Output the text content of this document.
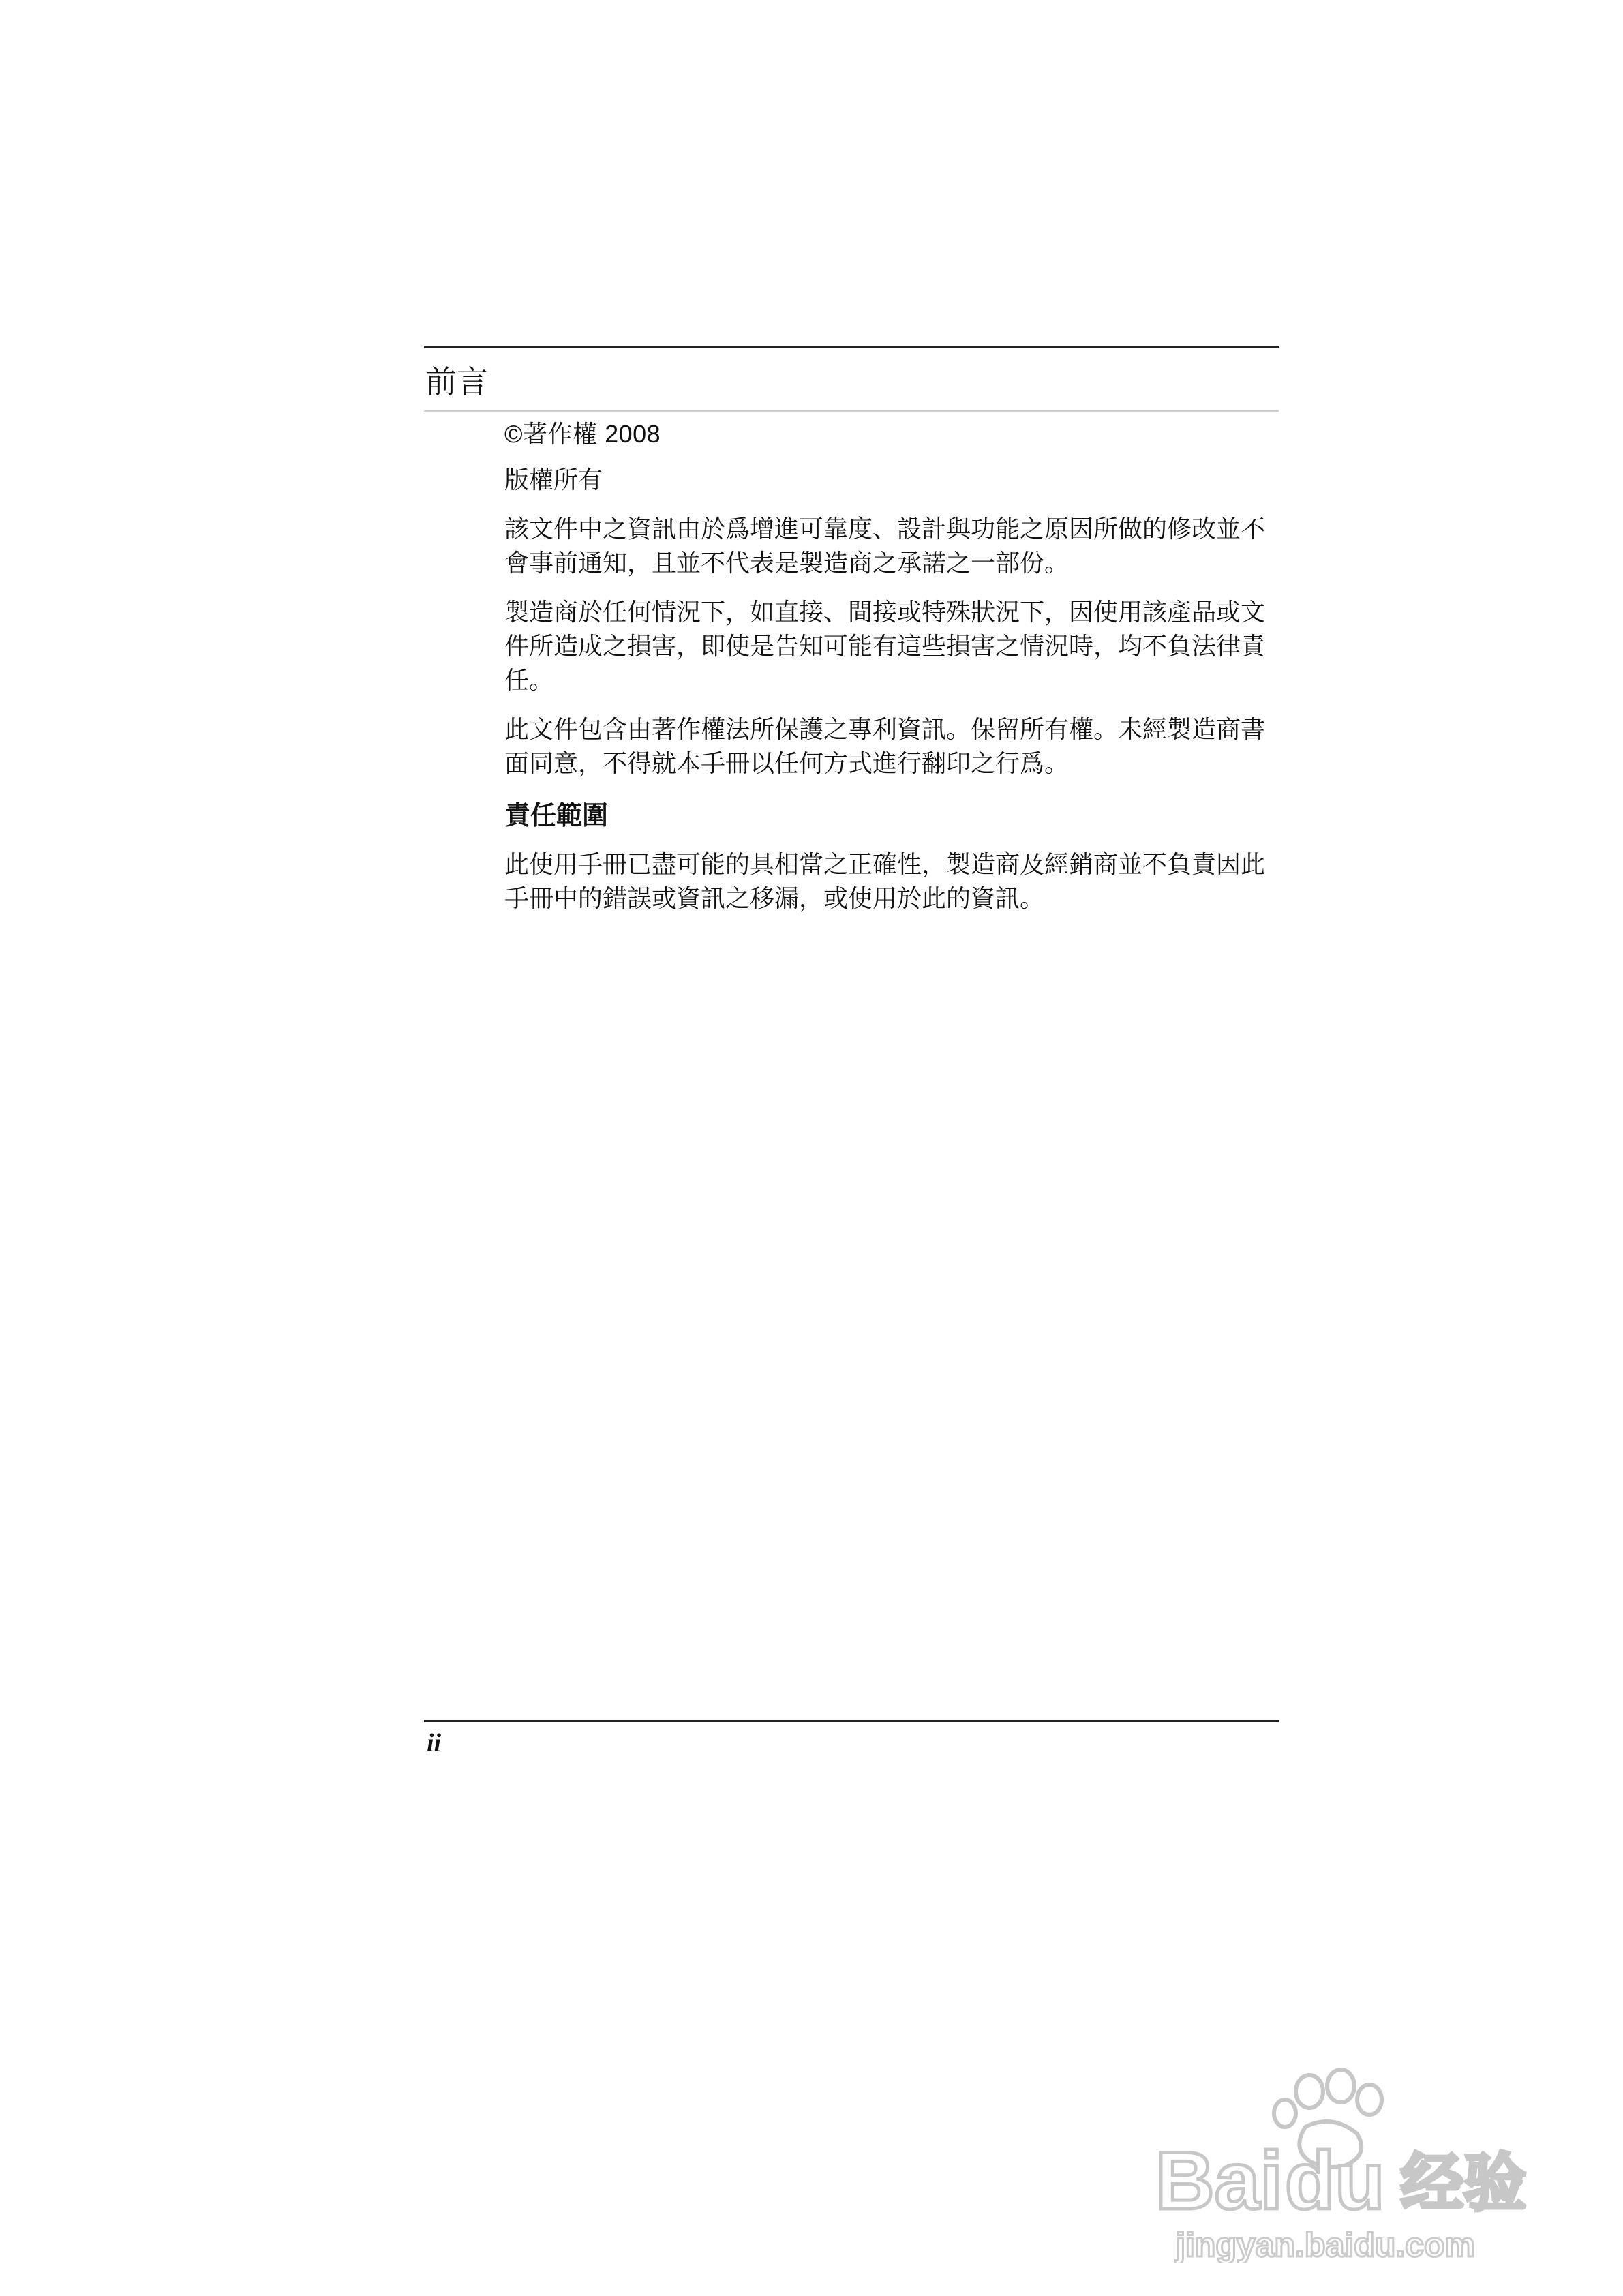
前言

©著作權 2008

版權所有

該文件中之資訊由於爲增進可靠度、設計與功能之原因所做的修改並不會事前通知，且並不代表是製造商之承諾之一部份。

製造商於任何情況下，如直接、間接或特殊狀況下，因使用該產品或文件所造成之損害，即使是告知可能有這些損害之情況時，均不負法律責任。

此文件包含由著作權法所保護之專利資訊。保留所有權。未經製造商書面同意，不得就本手冊以任何方式進行翻印之行爲。

責任範圍

此使用手冊已盡可能的具相當之正確性，製造商及經銷商並不負責因此手冊中的錯誤或資訊之移漏，或使用於此的資訊。

ii
Bai du 经验
jingyan.baidu.com
